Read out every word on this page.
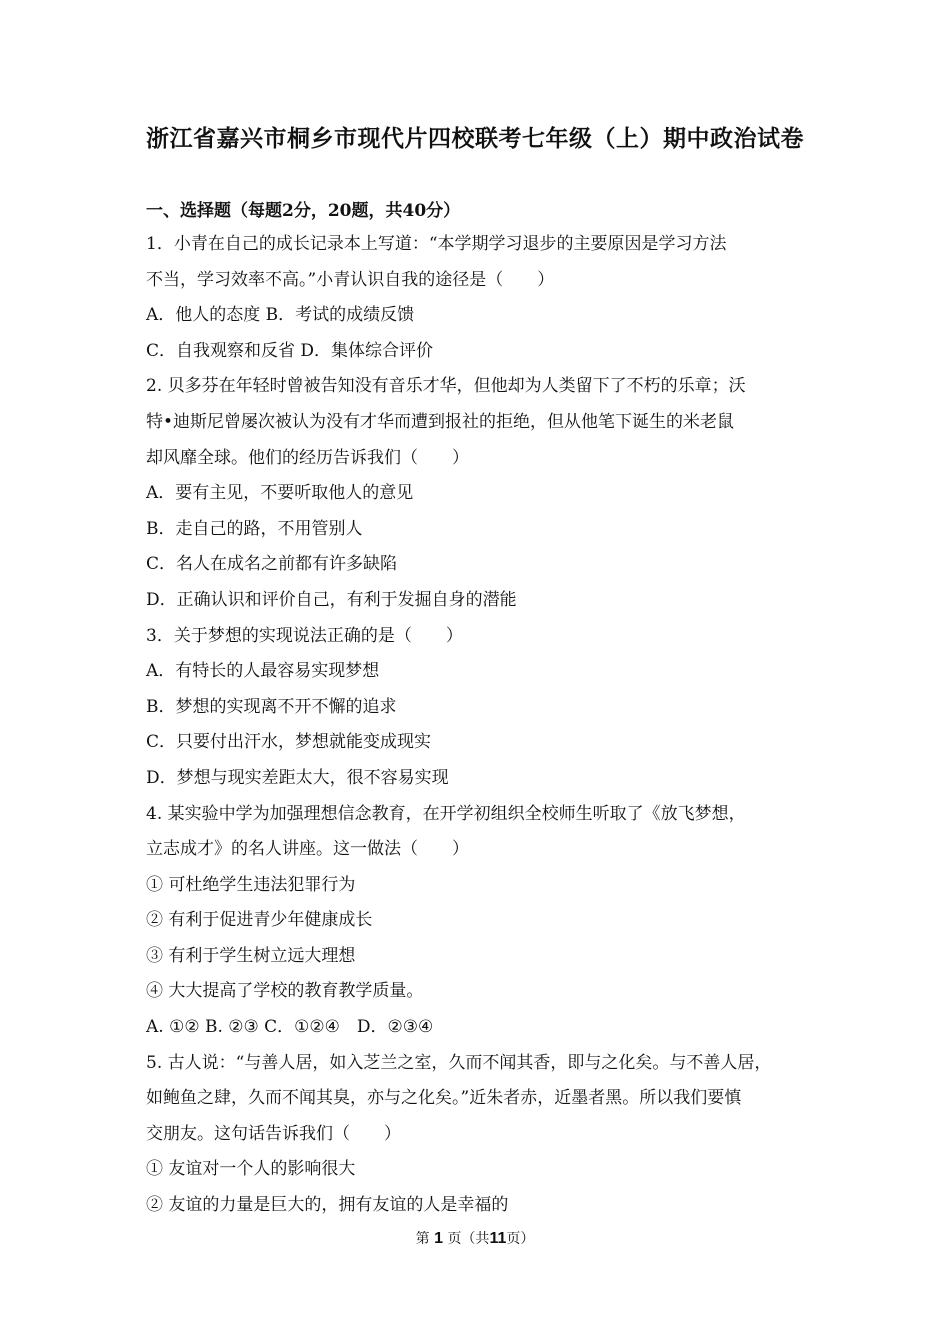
浙江省嘉兴市桐乡市现代片四校联考七年级（上）期中政治试卷

一、选择题（每题2分，20题，共40分）

1．小青在自己的成长记录本上写道：“本学期学习退步的主要原因是学习方法

不当，学习效率不高。”小青认识自我的途径是（　　）

A．他人的态度 B．考试的成绩反馈

C．自我观察和反省 D．集体综合评价

2. 贝多芬在年轻时曾被告知没有音乐才华，但他却为人类留下了不朽的乐章；沃

特•迪斯尼曾屡次被认为没有才华而遭到报社的拒绝，但从他笔下诞生的米老鼠

却风靡全球。他们的经历告诉我们（　　）

A．要有主见，不要听取他人的意见

B．走自己的路，不用管别人

C．名人在成名之前都有许多缺陷

D．正确认识和评价自己，有利于发掘自身的潜能

3．关于梦想的实现说法正确的是（　　）

A．有特长的人最容易实现梦想

B．梦想的实现离不开不懈的追求

C．只要付出汗水，梦想就能变成现实

D．梦想与现实差距太大，很不容易实现

4. 某实验中学为加强理想信念教育，在开学初组织全校师生听取了《放飞梦想，

立志成才》的名人讲座。这一做法（　　）

① 可杜绝学生违法犯罪行为

② 有利于促进青少年健康成长

③ 有利于学生树立远大理想

④ 大大提高了学校的教育教学质量。

A. ①② B. ②③ C．①②④　D．②③④

5. 古人说：“与善人居，如入芝兰之室，久而不闻其香，即与之化矣。与不善人居，

如鲍鱼之肆，久而不闻其臭，亦与之化矣。”近朱者赤，近墨者黑。所以我们要慎

交朋友。这句话告诉我们（　　）

① 友谊对一个人的影响很大

② 友谊的力量是巨大的，拥有友谊的人是幸福的

第 1 页（共11页）
